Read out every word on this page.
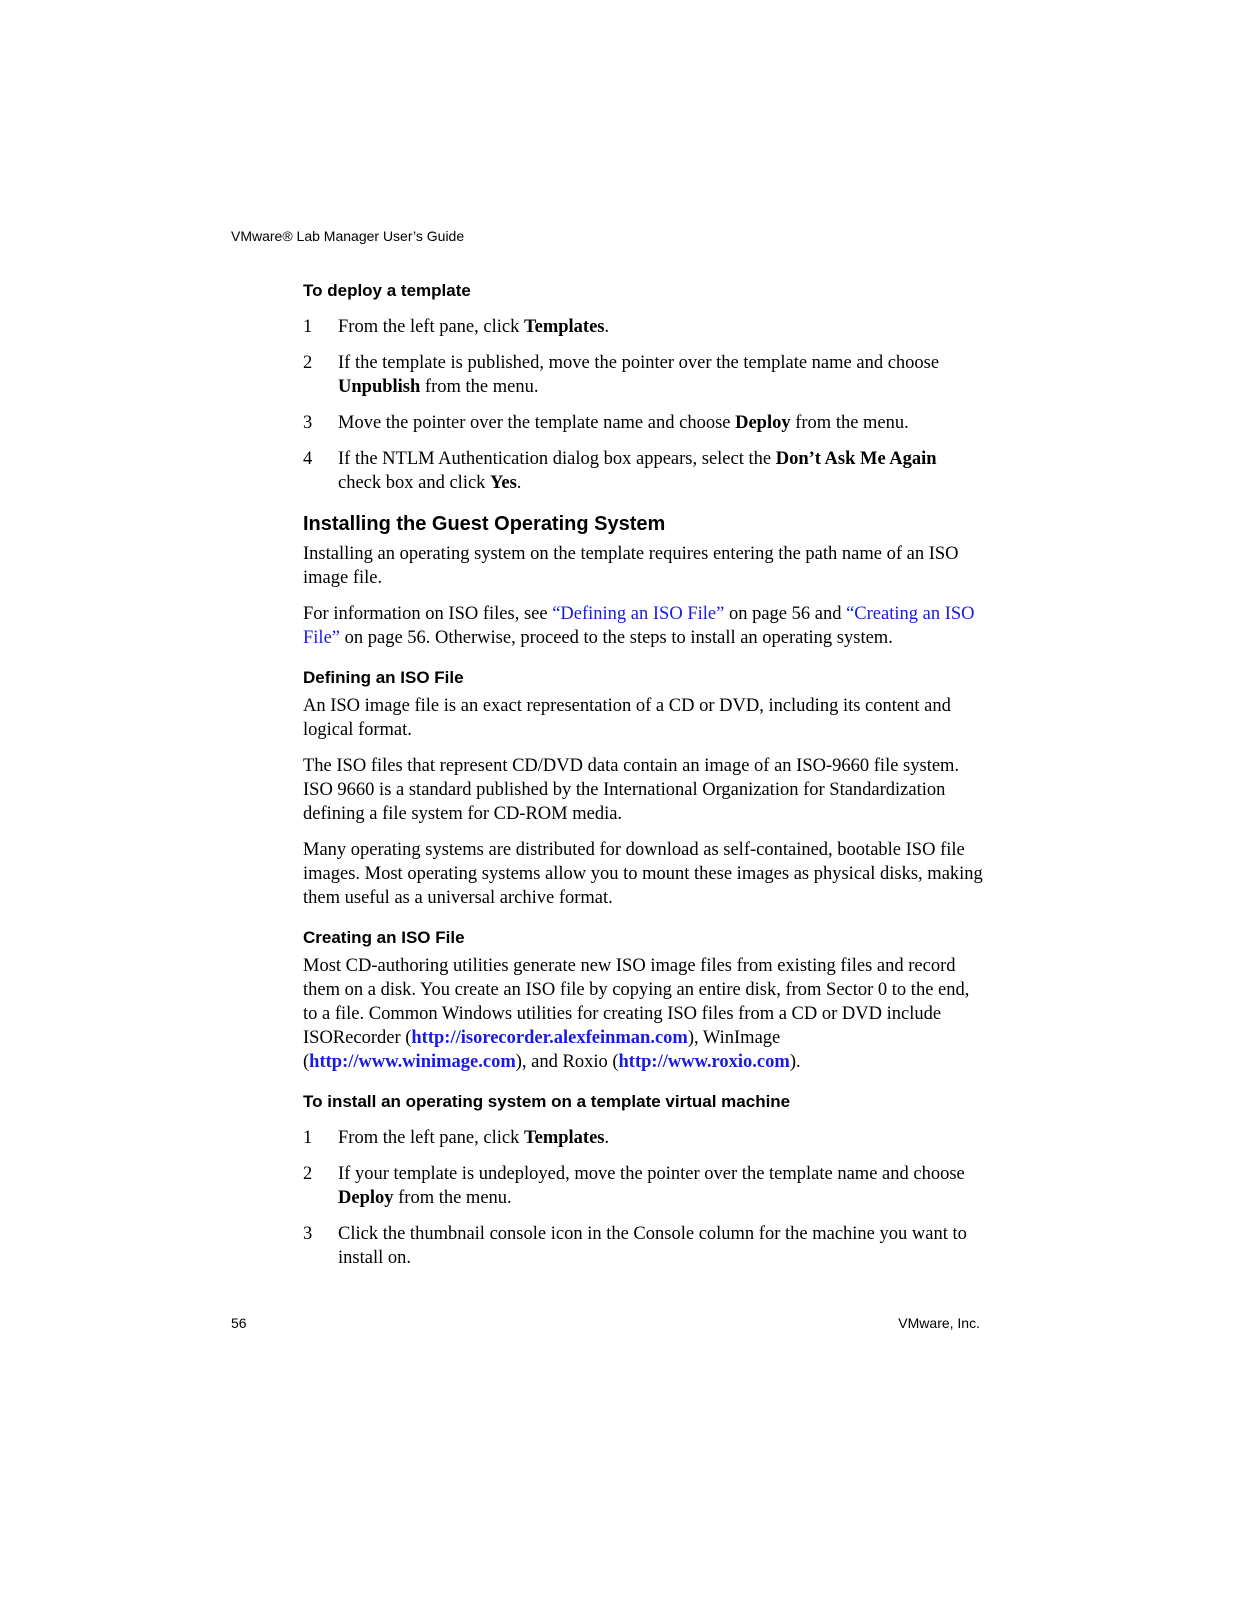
VMware® Lab Manager User’s Guide
To deploy a template
1 From the left pane, click Templates.
2 If the template is published, move the pointer over the template name and choose Unpublish from the menu.
3 Move the pointer over the template name and choose Deploy from the menu.
4 If the NTLM Authentication dialog box appears, select the Don’t Ask Me Again check box and click Yes.
Installing the Guest Operating System

Installing an operating system on the template requires entering the path name of an ISO image file.

For information on ISO files, see “Defining an ISO File” on page 56 and “Creating an ISO File” on page 56. Otherwise, proceed to the steps to install an operating system.

Defining an ISO File

An ISO image file is an exact representation of a CD or DVD, including its content and logical format.

The ISO files that represent CD/DVD data contain an image of an ISO-9660 file system. ISO 9660 is a standard published by the International Organization for Standardization defining a file system for CD-ROM media.

Many operating systems are distributed for download as self-contained, bootable ISO file images. Most operating systems allow you to mount these images as physical disks, making them useful as a universal archive format.

Creating an ISO File

Most CD-authoring utilities generate new ISO image files from existing files and record them on a disk. You create an ISO file by copying an entire disk, from Sector 0 to the end, to a file. Common Windows utilities for creating ISO files from a CD or DVD include ISORecorder (http://isorecorder.alexfeinman.com), WinImage (http://www.winimage.com), and Roxio (http://www.roxio.com).

To install an operating system on a template virtual machine
1 From the left pane, click Templates.
2 If your template is undeployed, move the pointer over the template name and choose Deploy from the menu.
3 Click the thumbnail console icon in the Console column for the machine you want to install on.
56	VMware, Inc.
